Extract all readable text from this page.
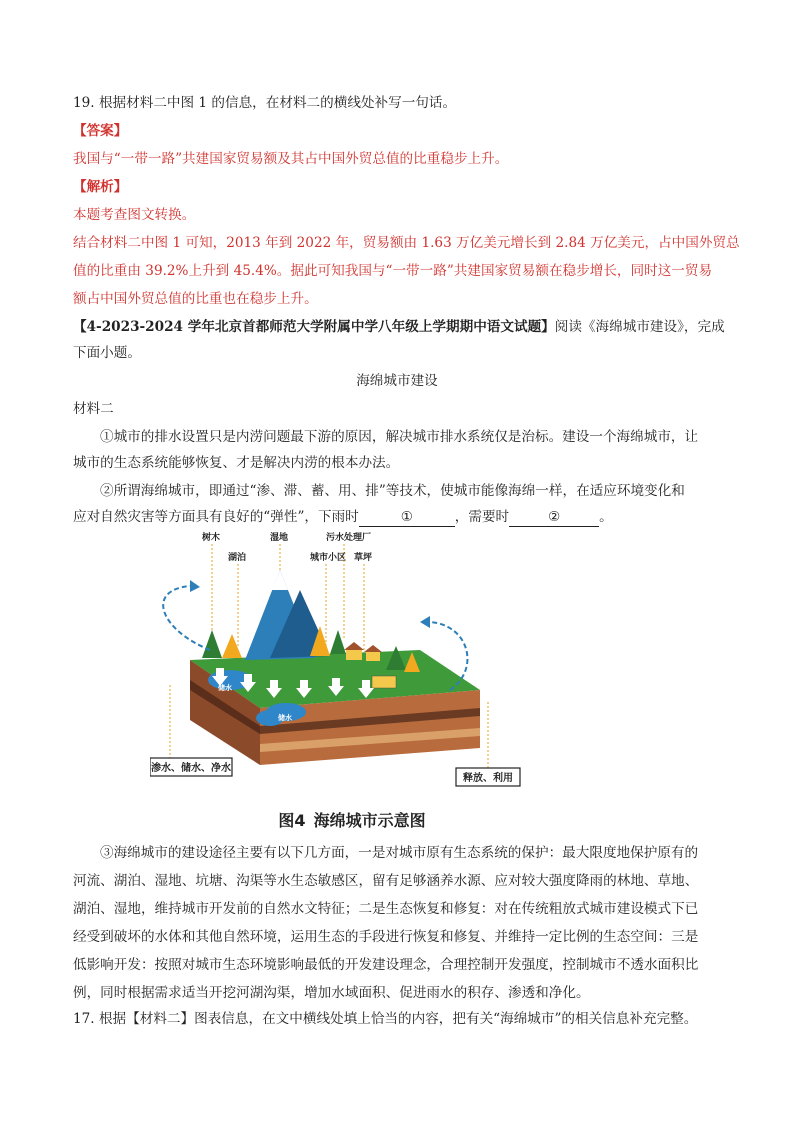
19. 根据材料二中图 1 的信息，在材料二的横线处补写一句话。
【答案】
我国与“一带一路”共建国家贸易额及其占中国外贸总值的比重稳步上升。
【解析】
本题考查图文转换。
结合材料二中图 1 可知，2013 年到 2022 年，贸易额由 1.63 万亿美元增长到 2.84 万亿美元，占中国外贸总
值的比重由 39.2%上升到 45.4%。据此可知我国与“一带一路”共建国家贸易额在稳步增长，同时这一贸易
额占中国外贸总值的比重也在稳步上升。
【4-2023-2024 学年北京首都师范大学附属中学八年级上学期期中语文试题】阅读《海绵城市建设》，完成
下面小题。
海绵城市建设
材料二
①城市的排水设置只是内涝问题最下游的原因，解决城市排水系统仅是治标。建设一个海绵城市，让
城市的生态系统能够恢复、才是解决内涝的根本办法。
②所谓海绵城市，即通过“渗、滞、蓄、用、排”等技术，使城市能像海绵一样，在适应环境变化和
应对自然灾害等方面具有良好的“弹性”，下雨时	①	，需要时	②	。
树木
湖泊
湿地
城市小区
污水处理厂
草坪
储水
储水
渗水、储水、净水
释放、利用
图4 海绵城市示意图
③海绵城市的建设途径主要有以下几方面，一是对城市原有生态系统的保护：最大限度地保护原有的
河流、湖泊、湿地、坑塘、沟渠等水生态敏感区，留有足够涵养水源、应对较大强度降雨的林地、草地、
湖泊、湿地，维持城市开发前的自然水文特征；二是生态恢复和修复：对在传统粗放式城市建设模式下已
经受到破坏的水体和其他自然环境，运用生态的手段进行恢复和修复、并维持一定比例的生态空间：三是
低影响开发：按照对城市生态环境影响最低的开发建设理念，合理控制开发强度，控制城市不透水面积比
例，同时根据需求适当开挖河湖沟渠，增加水域面积、促进雨水的积存、渗透和净化。
17. 根据【材料二】图表信息，在文中横线处填上恰当的内容，把有关“海绵城市”的相关信息补充完整。
